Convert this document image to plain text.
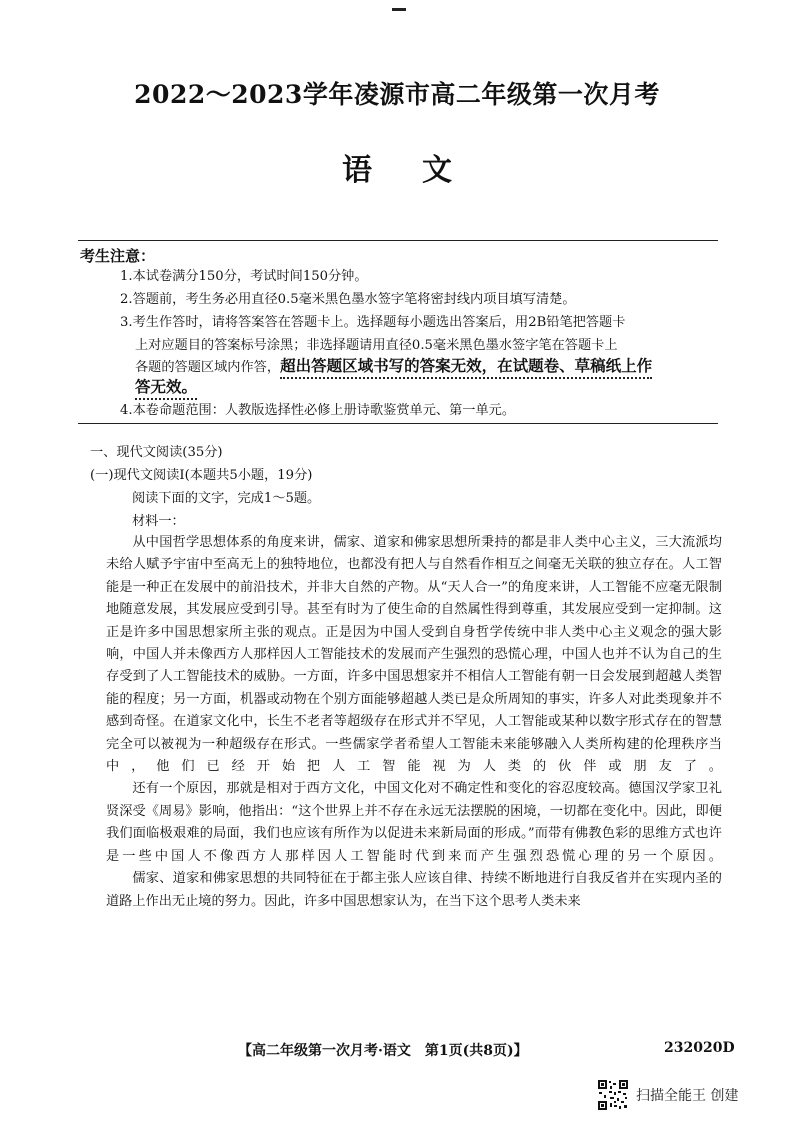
2022～2023学年凌源市高二年级第一次月考
语文
考生注意：
1.本试卷满分150分，考试时间150分钟。
2.答题前，考生务必用直径0.5毫米黑色墨水签字笔将密封线内项目填写清楚。
3.考生作答时，请将答案答在答题卡上。选择题每小题选出答案后，用2B铅笔把答题卡
上对应题目的答案标号涂黑；非选择题请用直径0.5毫米黑色墨水签字笔在答题卡上
各题的答题区域内作答，超出答题区域书写的答案无效，在试题卷、草稿纸上作
答无效。
4.本卷命题范围：人教版选择性必修上册诗歌鉴赏单元、第一单元。
一、现代文阅读(35分)
(一)现代文阅读Ⅰ(本题共5小题，19分)
阅读下面的文字，完成1～5题。
材料一：

从中国哲学思想体系的角度来讲，儒家、道家和佛家思想所秉持的都是非人类中心主义，三大流派均未给人赋予宇宙中至高无上的独特地位，也都没有把人与自然看作相互之间毫无关联的独立存在。人工智能是一种正在发展中的前沿技术，并非大自然的产物。从“天人合一”的角度来讲，人工智能不应毫无限制地随意发展，其发展应受到引导。甚至有时为了使生命的自然属性得到尊重，其发展应受到一定抑制。这正是许多中国思想家所主张的观点。正是因为中国人受到自身哲学传统中非人类中心主义观念的强大影响，中国人并未像西方人那样因人工智能技术的发展而产生强烈的恐慌心理，中国人也并不认为自己的生存受到了人工智能技术的威胁。一方面，许多中国思想家并不相信人工智能有朝一日会发展到超越人类智能的程度；另一方面，机器或动物在个别方面能够超越人类已是众所周知的事实，许多人对此类现象并不感到奇怪。在道家文化中，长生不老者等超级存在形式并不罕见，人工智能或某种以数字形式存在的智慧完全可以被视为一种超级存在形式。一些儒家学者希望人工智能未来能够融入人类所构建的伦理秩序当中，他们已经开始把人工智能视为人类的伙伴或朋友了。

还有一个原因，那就是相对于西方文化，中国文化对不确定性和变化的容忍度较高。德国汉学家卫礼贤深受《周易》影响，他指出：“这个世界上并不存在永远无法摆脱的困境，一切都在变化中。因此，即便我们面临极艰难的局面，我们也应该有所作为以促进未来新局面的形成。”而带有佛教色彩的思维方式也许是一些中国人不像西方人那样因人工智能时代到来而产生强烈恐慌心理的另一个原因。

儒家、道家和佛家思想的共同特征在于都主张人应该自律、持续不断地进行自我反省并在实现内圣的道路上作出无止境的努力。因此，许多中国思想家认为，在当下这个思考人类未来

【高二年级第一次月考·语文　第1页(共8页)】	232020D
扫描全能王 创建
